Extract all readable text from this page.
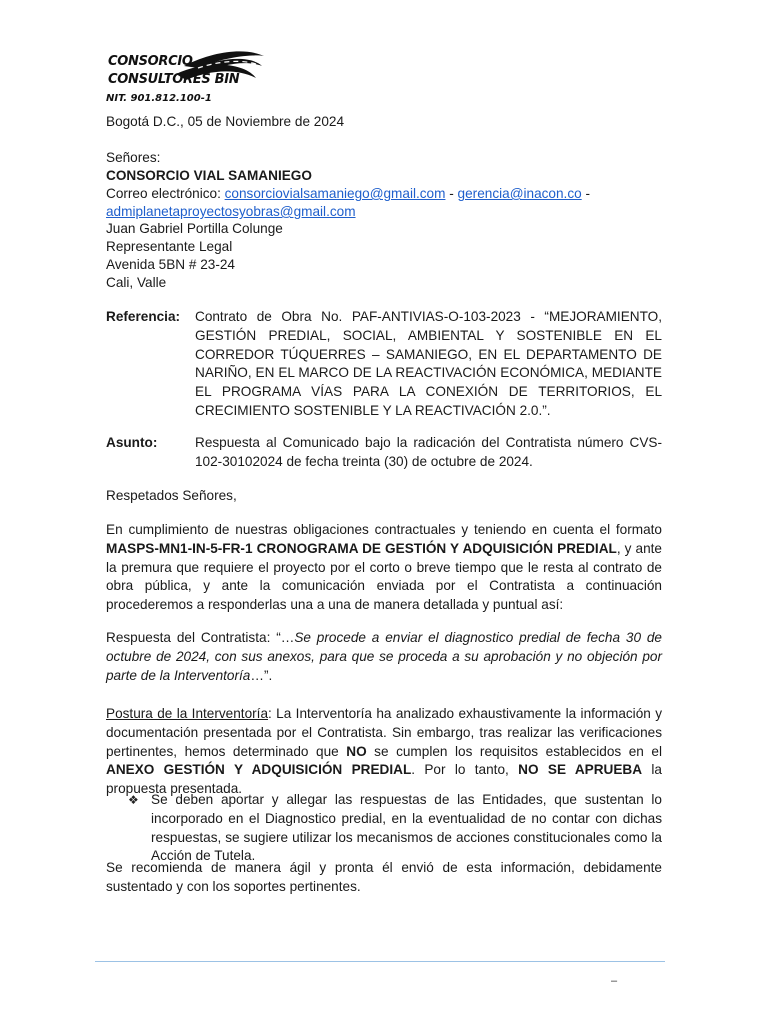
CONSORCIO
CONSULTORES BIN
NIT. 901.812.100-1
Bogotá D.C., 05 de Noviembre de 2024
Señores:
CONSORCIO VIAL SAMANIEGO
Correo electrónico: consorciovialsamaniego@gmail.com - gerencia@inacon.co -
admiplanetaproyectosyobras@gmail.com
Juan Gabriel Portilla Colunge
Representante Legal
Avenida 5BN # 23-24
Cali, Valle
Referencia: Contrato de Obra No. PAF-ANTIVIAS-O-103-2023 - “MEJORAMIENTO, GESTIÓN PREDIAL, SOCIAL, AMBIENTAL Y SOSTENIBLE EN EL CORREDOR TÚQUERRES – SAMANIEGO, EN EL DEPARTAMENTO DE NARIÑO, EN EL MARCO DE LA REACTIVACIÓN ECONÓMICA, MEDIANTE EL PROGRAMA VÍAS PARA LA CONEXIÓN DE TERRITORIOS, EL CRECIMIENTO SOSTENIBLE Y LA REACTIVACIÓN 2.0.”.
Asunto:	Respuesta al Comunicado bajo la radicación del Contratista número CVS-102-30102024 de fecha treinta (30) de octubre de 2024.
Respetados Señores,
En cumplimiento de nuestras obligaciones contractuales y teniendo en cuenta el formato MASPS-MN1-IN-5-FR-1 CRONOGRAMA DE GESTIÓN Y ADQUISICIÓN PREDIAL, y ante la premura que requiere el proyecto por el corto o breve tiempo que le resta al contrato de obra pública, y ante la comunicación enviada por el Contratista a continuación procederemos a responderlas una a una de manera detallada y puntual así:
Respuesta del Contratista: “…Se procede a enviar el diagnostico predial de fecha 30 de octubre de 2024, con sus anexos, para que se proceda a su aprobación y no objeción por parte de la Interventoría…”.
Postura de la Interventoría: La Interventoría ha analizado exhaustivamente la información y documentación presentada por el Contratista. Sin embargo, tras realizar las verificaciones pertinentes, hemos determinado que NO se cumplen los requisitos establecidos en el ANEXO GESTIÓN Y ADQUISICIÓN PREDIAL. Por lo tanto, NO SE APRUEBA la propuesta presentada.
❖ Se deben aportar y allegar las respuestas de las Entidades, que sustentan lo incorporado en el Diagnostico predial, en la eventualidad de no contar con dichas respuestas, se sugiere utilizar los mecanismos de acciones constitucionales como la Acción de Tutela.
Se recomienda de manera ágil y pronta él envió de esta información, debidamente sustentado y con los soportes pertinentes.
–
